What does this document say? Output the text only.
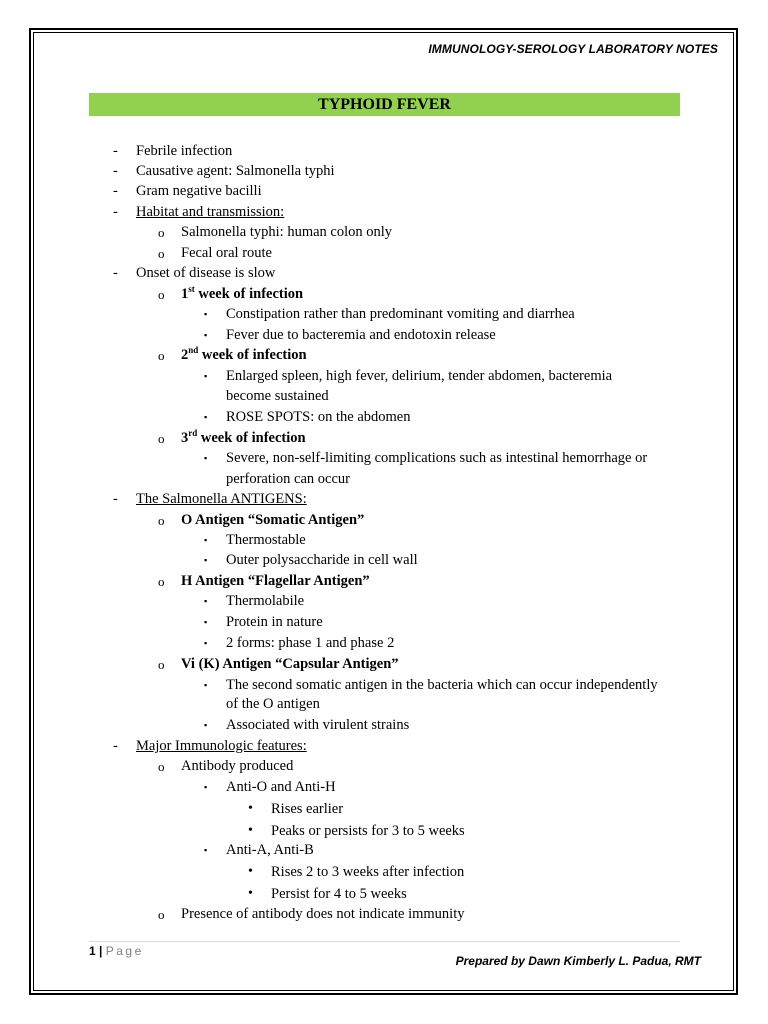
IMMUNOLOGY-SEROLOGY LABORATORY NOTES
TYPHOID FEVER
- Febrile infection
- Causative agent: Salmonella typhi
- Gram negative bacilli
- Habitat and transmission:
o Salmonella typhi: human colon only
o Fecal oral route
- Onset of disease is slow
o 1st week of infection
▪ Constipation rather than predominant vomiting and diarrhea
▪ Fever due to bacteremia and endotoxin release
o 2nd week of infection
▪ Enlarged spleen, high fever, delirium, tender abdomen, bacteremia
become sustained
▪ ROSE SPOTS: on the abdomen
o 3rd week of infection
▪ Severe, non-self-limiting complications such as intestinal hemorrhage or
perforation can occur
- The Salmonella ANTIGENS:
o O Antigen “Somatic Antigen”
▪ Thermostable
▪ Outer polysaccharide in cell wall
o H Antigen “Flagellar Antigen”
▪ Thermolabile
▪ Protein in nature
▪ 2 forms: phase 1 and phase 2
o Vi (K) Antigen “Capsular Antigen”
▪ The second somatic antigen in the bacteria which can occur independently
of the O antigen
▪ Associated with virulent strains
- Major Immunologic features:
o Antibody produced
▪ Anti-O and Anti-H
• Rises earlier
• Peaks or persists for 3 to 5 weeks
▪ Anti-A, Anti-B
• Rises 2 to 3 weeks after infection
• Persist for 4 to 5 weeks
o Presence of antibody does not indicate immunity
1 | Page
Prepared by Dawn Kimberly L. Padua, RMT
